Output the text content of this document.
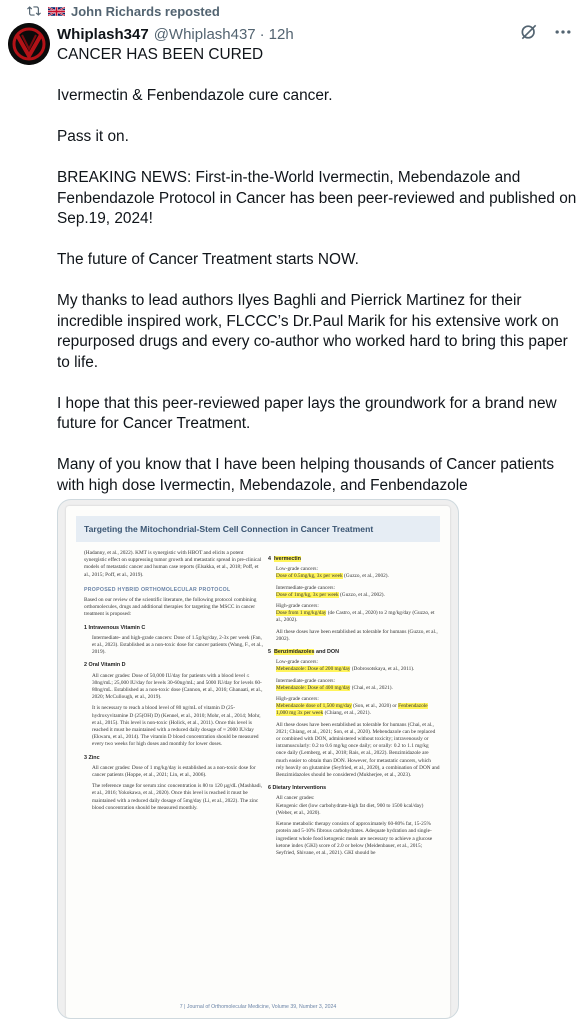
John Richards reposted
Whiplash347 @Whiplash437 · 12h

CANCER HAS BEEN CURED

Ivermectin & Fenbendazole cure cancer.

Pass it on.

BREAKING NEWS: First-in-the-World Ivermectin, Mebendazole and Fenbendazole Protocol in Cancer has been peer-reviewed and published on Sep.19, 2024!

The future of Cancer Treatment starts NOW.

My thanks to lead authors Ilyes Baghli and Pierrick Martinez for their incredible inspired work, FLCCC’s Dr.Paul Marik for his extensive work on repurposed drugs and every co-author who worked hard to bring this paper to life.

I hope that this peer-reviewed paper lays the groundwork for a brand new future for Cancer Treatment.

Many of you know that I have been helping thousands of Cancer patients with high dose Ivermectin, Mebendazole, and Fenbendazole

Targeting the Mitochondrial-Stem Cell Connection in Cancer Treatment

(Hadanny, et al., 2022). KMT is synergistic with HBOT and elicits a potent synergistic effect on suppressing tumor growth and metastatic spread in pre-clinical models of metastatic cancer and human case reports (Elsakka, et al., 2018; Poff, et al., 2015; Poff, et al., 2019).

PROPOSED HYBRID ORTHOMOLECULAR PROTOCOL

Based on our review of the scientific literature, the following protocol combining orthomolecules, drugs and additional therapies for targeting the MSCC in cancer treatment is proposed:

1 Intravenous Vitamin C

Intermediate- and high-grade cancers: Dose of 1.5g/kg/day, 2-3x per week (Fan, et al., 2023). Established as a non-toxic dose for cancer patients (Wang, F., et al., 2019).

2 Oral Vitamin D

All cancer grades: Dose of 50,000 IU/day for patients with a blood level ≤ 30ng/mL; 25,000 IU/day for levels 30-60ng/mL; and 5000 IU/day for levels 60-80ng/mL. Established as a non-toxic dose (Cannon, et al., 2016; Ghanaati, et al., 2020; McCullough, et al., 2019).

It is necessary to reach a blood level of 80 ng/mL of vitamin D (25-hydroxyvitamine D (25(OH) D) (Kennel, et al., 2010; Mohr, et al., 2014; Mohr, et al., 2015). This level is non-toxic (Holick, et al., 2011). Once this level is reached it must be maintained with a reduced daily dosage of ≈ 2000 IU/day (Ekwaru, et al., 2014). The vitamin D blood concentration should be measured every two weeks for high doses and monthly for lower doses.

3 Zinc

All cancer grades: Dose of 1 mg/kg/day is established as a non-toxic dose for cancer patients (Hoppe, et al., 2021; Lin, et al., 2006).

The reference range for serum zinc concentration is 80 to 120 µg/dL (Mashhadi, et al., 2016; Yokokawa, et al., 2020). Once this level is reached it must be maintained with a reduced daily dosage of 5mg/day (Li, et al., 2022). The zinc blood concentration should be measured monthly.

4 Ivermectin

Low-grade cancers:
Dose of 0.5mg/kg, 3x per week (Guzzo, et al., 2002).

Intermediate-grade cancers:
Dose of 1mg/kg, 3x per week (Guzzo, et al., 2002).

High-grade cancers:
Dose from 1 mg/kg/day (de Castro, et al., 2020) to 2 mg/kg/day (Guzzo, et al., 2002).

All these doses have been established as tolerable for humans (Guzzo, et al., 2002).

5 Benzimidazoles and DON

Low-grade cancers:
Mebendazole: Dose of 200 mg/day (Dobrosotskaya, et al., 2011).

Intermediate-grade cancers:
Mebendazole: Dose of 400 mg/day (Chai, et al., 2021).

High-grade cancers:
Mebendazole dose of 1,500 mg/day (Son, et al., 2020) or Fenbendazole 1,000 mg 3x per week (Chiang, et al., 2021).

All these doses have been established as tolerable for humans (Chai, et al., 2021; Chiang, et al., 2021; Son, et al., 2020). Mebendazole can be replaced or combined with DON, administered without toxicity; intravenously or intramuscularly: 0.2 to 0.6 mg/kg once daily; or orally: 0.2 to 1.1 mg/kg once daily (Lemberg, et al., 2018; Rais, et al., 2022). Benzimidazole are much easier to obtain than DON. However, for metastatic cancers, which rely heavily on glutamine (Seyfried, et al., 2020), a combination of DON and Benzimidazoles should be considered (Mukherjee, et al., 2023).

6 Dietary Interventions

All cancer grades:
Ketogenic diet (low carbohydrate-high fat diet, 900 to 1500 kcal/day) (Weber, et al., 2020).

Ketone metabolic therapy consists of approximately 60-80% fat, 15-25% protein and 5-10% fibrous carbohydrates. Adequate hydration and single-ingredient whole food ketogenic meals are necessary to achieve a glucose ketone index (GKI) score of 2.0 or below (Meidenbauer, et al., 2015; Seyfried, Shivane, et al., 2021). GKI should be

7 | Journal of Orthomolecular Medicine, Volume 39, Number 3, 2024
